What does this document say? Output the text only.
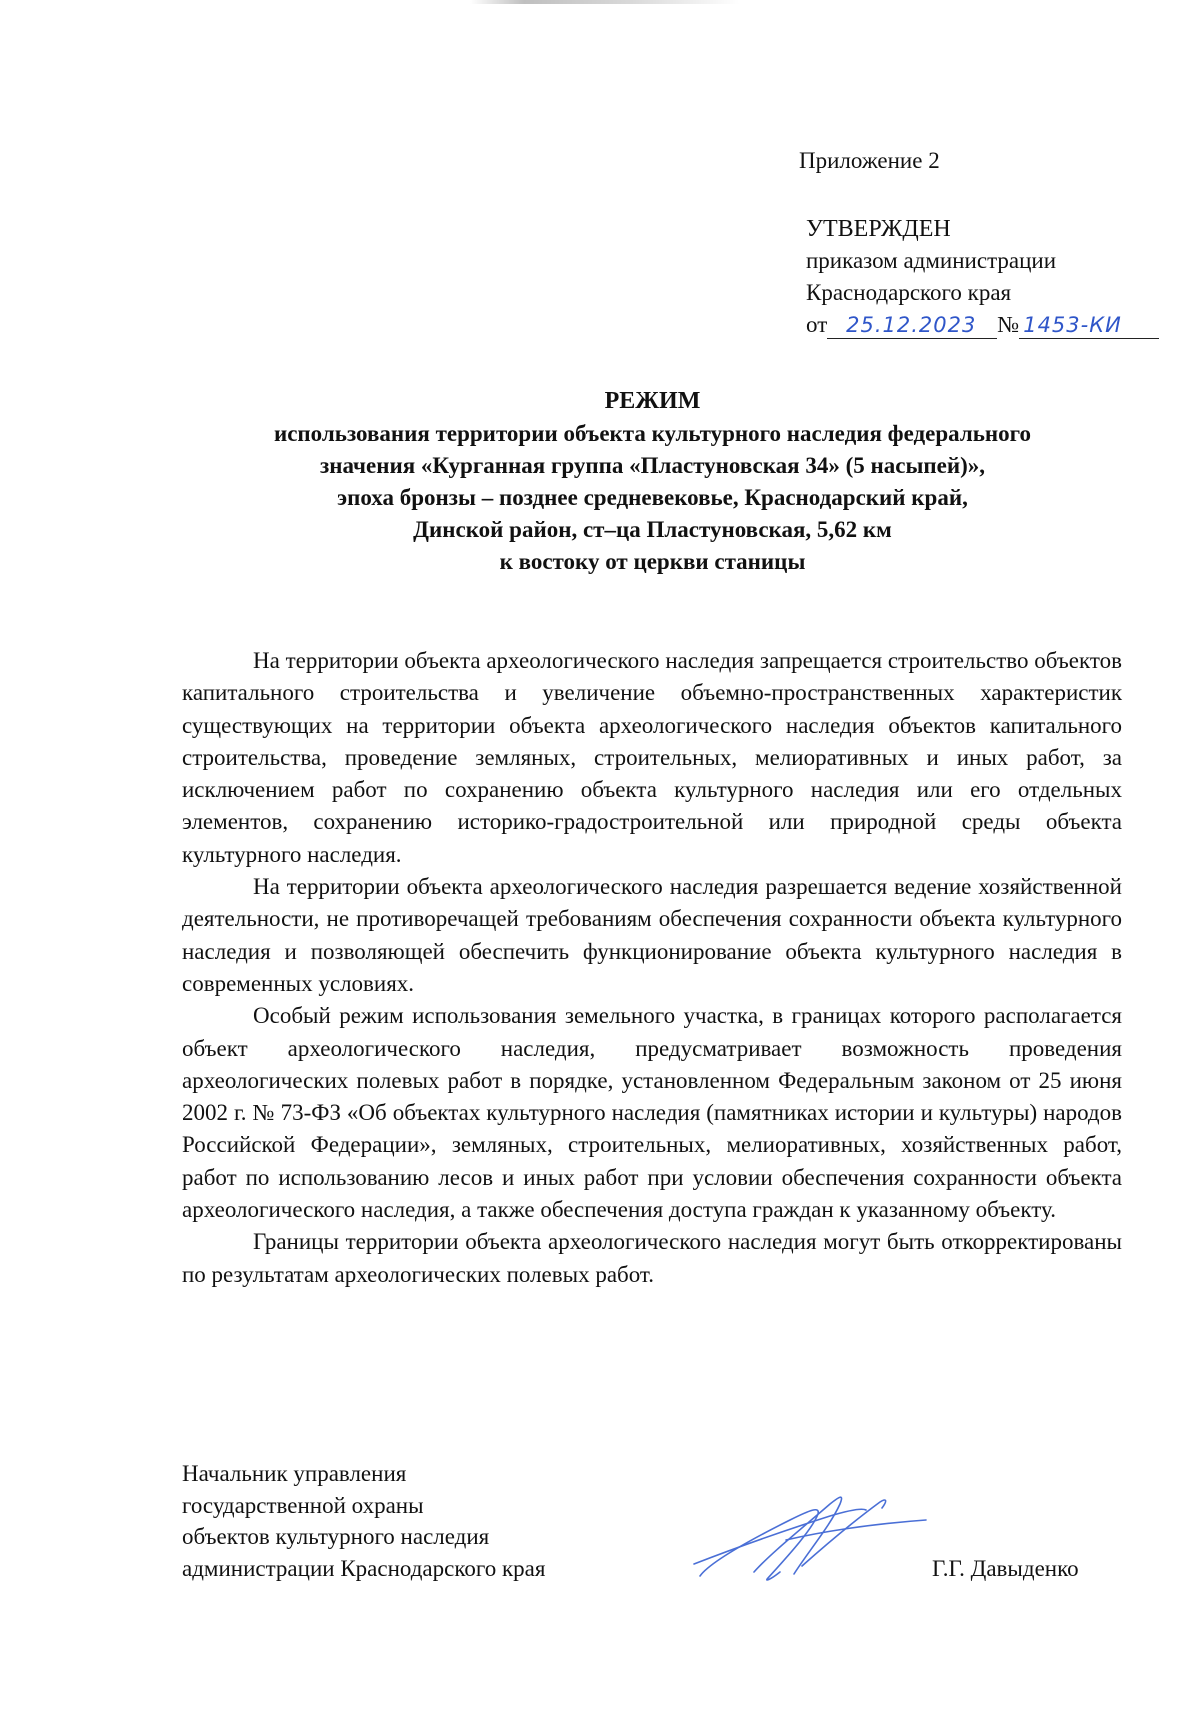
Приложение 2
УТВЕРЖДЕН
приказом администрации
Краснодарского края
от 25.12.2023 № 1453-КИ
РЕЖИМ
использования территории объекта культурного наследия федерального
значения «Курганная группа «Пластуновская 34» (5 насыпей)»,
эпоха бронзы – позднее средневековье, Краснодарский край,
Динской район, ст–ца Пластуновская, 5,62 км
к востоку от церкви станицы

На территории объекта археологического наследия запрещается строительство объектов капитального строительства и увеличение объемно-пространственных характеристик существующих на территории объекта археологического наследия объектов капитального строительства, проведение земляных, строительных, мелиоративных и иных работ, за исключением работ по сохранению объекта культурного наследия или его отдельных элементов, сохранению историко-градостроительной или природной среды объекта культурного наследия.

На территории объекта археологического наследия разрешается ведение хозяйственной деятельности, не противоречащей требованиям обеспечения сохранности объекта культурного наследия и позволяющей обеспечить функционирование объекта культурного наследия в современных условиях.

Особый режим использования земельного участка, в границах которого располагается объект археологического наследия, предусматривает возможность проведения археологических полевых работ в порядке, установленном Федеральным законом от 25 июня 2002 г. № 73-ФЗ «Об объектах культурного наследия (памятниках истории и культуры) народов Российской Федерации», земляных, строительных, мелиоративных, хозяйственных работ, работ по использованию лесов и иных работ при условии обеспечения сохранности объекта археологического наследия, а также обеспечения доступа граждан к указанному объекту.

Границы территории объекта археологического наследия могут быть откорректированы по результатам археологических полевых работ.

Начальник управления
государственной охраны
объектов культурного наследия
администрации Краснодарского края	Г.Г. Давыденко
